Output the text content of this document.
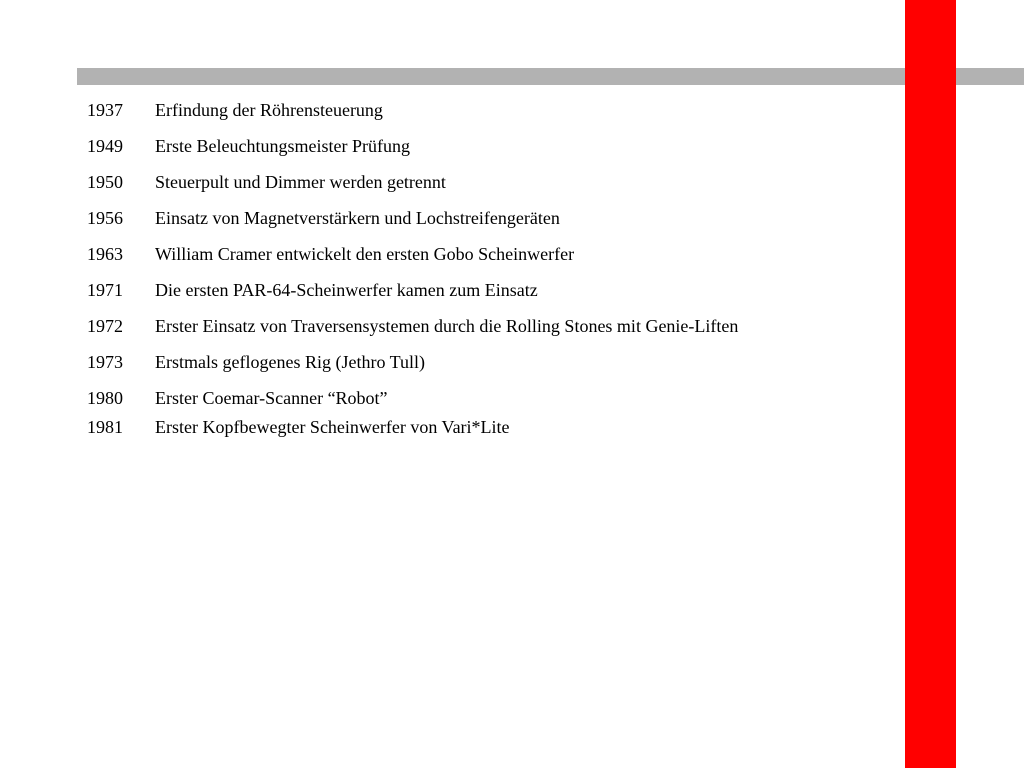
1937	Erfindung der Röhrensteuerung
1949	Erste Beleuchtungsmeister Prüfung
1950	Steuerpult und Dimmer werden getrennt
1956	Einsatz von Magnetverstärkern und Lochstreifengeräten
1963	William Cramer entwickelt den ersten Gobo Scheinwerfer
1971	Die ersten PAR-64-Scheinwerfer kamen zum Einsatz
1972	Erster Einsatz von Traversensystemen durch die Rolling Stones mit Genie-Liften
1973	Erstmals geflogenes Rig (Jethro Tull)
1980	Erster Coemar-Scanner “Robot”
1981	Erster Kopfbewegter Scheinwerfer von Vari*Lite
